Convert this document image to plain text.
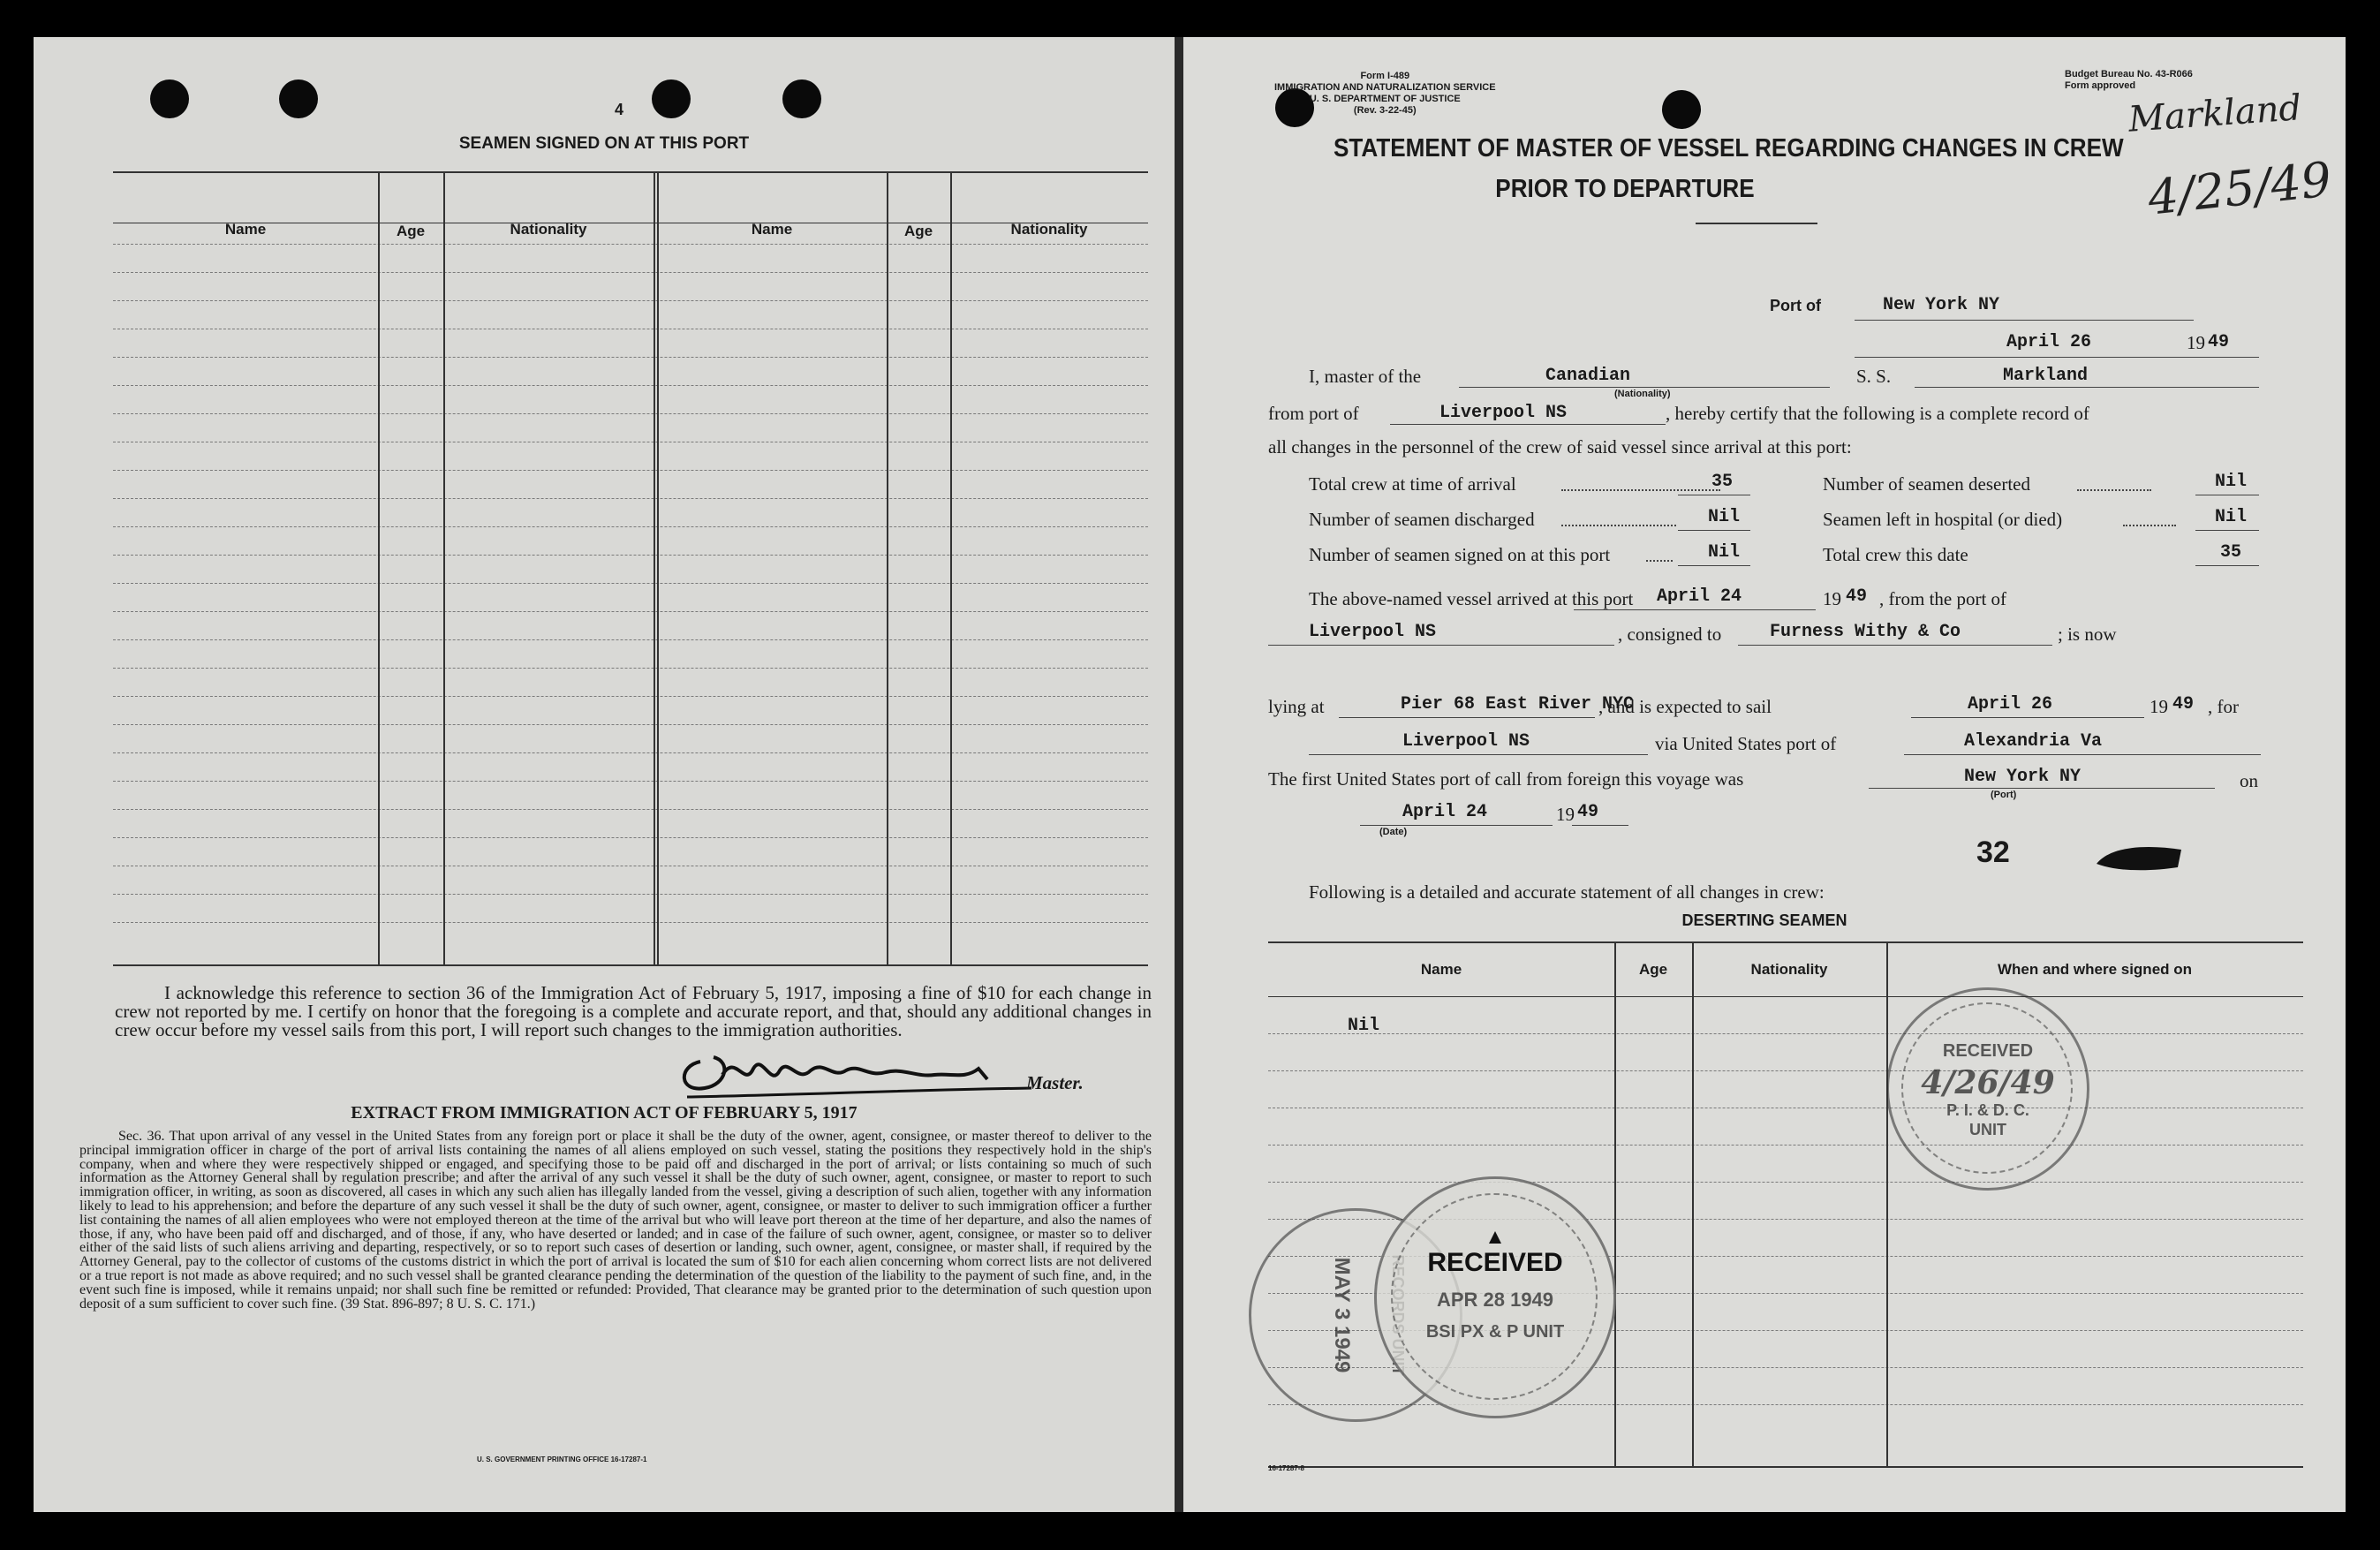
4
SEAMEN SIGNED ON AT THIS PORT
Name	Age	Nationality	Name	Age	Nationality
I acknowledge this reference to section 36 of the Immigration Act of February 5, 1917, imposing a fine of $10 for each change in crew not reported by me. I certify on honor that the foregoing is a complete and accurate report, and that, should any additional changes in crew occur before my vessel sails from this port, I will report such changes to the immigration authorities.
Master.
EXTRACT FROM IMMIGRATION ACT OF FEBRUARY 5, 1917
Sec. 36. That upon arrival of any vessel in the United States from any foreign port or place it shall be the duty of the owner, agent, consignee, or master thereof to deliver to the principal immigration officer in charge of the port of arrival lists containing the names of all aliens employed on such vessel, stating the positions they respectively hold in the ship's company, when and where they were respectively shipped or engaged, and specifying those to be paid off and discharged in the port of arrival; or lists containing so much of such information as the Attorney General shall by regulation prescribe; and after the arrival of any such vessel it shall be the duty of such owner, agent, consignee, or master to report to such immigration officer, in writing, as soon as discovered, all cases in which any such alien has illegally landed from the vessel, giving a description of such alien, together with any information likely to lead to his apprehension; and before the departure of any such vessel it shall be the duty of such owner, agent, consignee, or master to deliver to such immigration officer a further list containing the names of all alien employees who were not employed thereon at the time of the arrival but who will leave port thereon at the time of her departure, and also the names of those, if any, who have been paid off and discharged, and of those, if any, who have deserted or landed; and in case of the failure of such owner, agent, consignee, or master so to deliver either of the said lists of such aliens arriving and departing, respectively, or so to report such cases of desertion or landing, such owner, agent, consignee, or master shall, if required by the Attorney General, pay to the collector of customs of the customs district in which the port of arrival is located the sum of $10 for each alien concerning whom correct lists are not delivered or a true report is not made as above required; and no such vessel shall be granted clearance pending the determination of the question of the liability to the payment of such fine, and, in the event such fine is imposed, while it remains unpaid; nor shall such fine be remitted or refunded: Provided, That clearance may be granted prior to the determination of such question upon deposit of a sum sufficient to cover such fine. (39 Stat. 896-897; 8 U. S. C. 171.)
U. S. GOVERNMENT PRINTING OFFICE 16-17287-1
Form I-489
IMMIGRATION AND NATURALIZATION SERVICE
U. S. DEPARTMENT OF JUSTICE
(Rev. 3-22-45)
Budget Bureau No. 43-R066
Form approved
Markland
4/25/49
STATEMENT OF MASTER OF VESSEL REGARDING CHANGES IN CREW
PRIOR TO DEPARTURE
Port of	New York NY
April 26	19 49
I, master of the	Canadian
(Nationality)
S. S.	Markland
from port of	Liverpool NS	, hereby certify that the following is a complete record of
all changes in the personnel of the crew of said vessel since arrival at this port:
Total crew at time of arrival	35
Number of seamen discharged	Nil
Number of seamen signed on at this port	Nil
Number of seamen deserted	Nil
Seamen left in hospital (or died)	Nil
Total crew this date	35
The above-named vessel arrived at this port April 24	19 49 , from the port of
Liverpool NS	, consigned to	Furness Withy & Co	; is now
lying at	Pier 68 East River NYC
, and is expected to sail	April 26	19 49 , for
Liverpool NS	via United States port of	Alexandria Va
The first United States port of call from foreign this voyage was	New York NY
(Port)
on
April 24
(Date)
19 49
32
Following is a detailed and accurate statement of all changes in crew:
DESERTING SEAMEN
Name	Age	Nationality	When and where signed on
Nil
RECEIVED
4/26/49
P. I. & D. C.
UNIT
MAY 3 1949
▲
RECEIVED
APR 28 1949
BSI PX & P UNIT
16-17287-8
